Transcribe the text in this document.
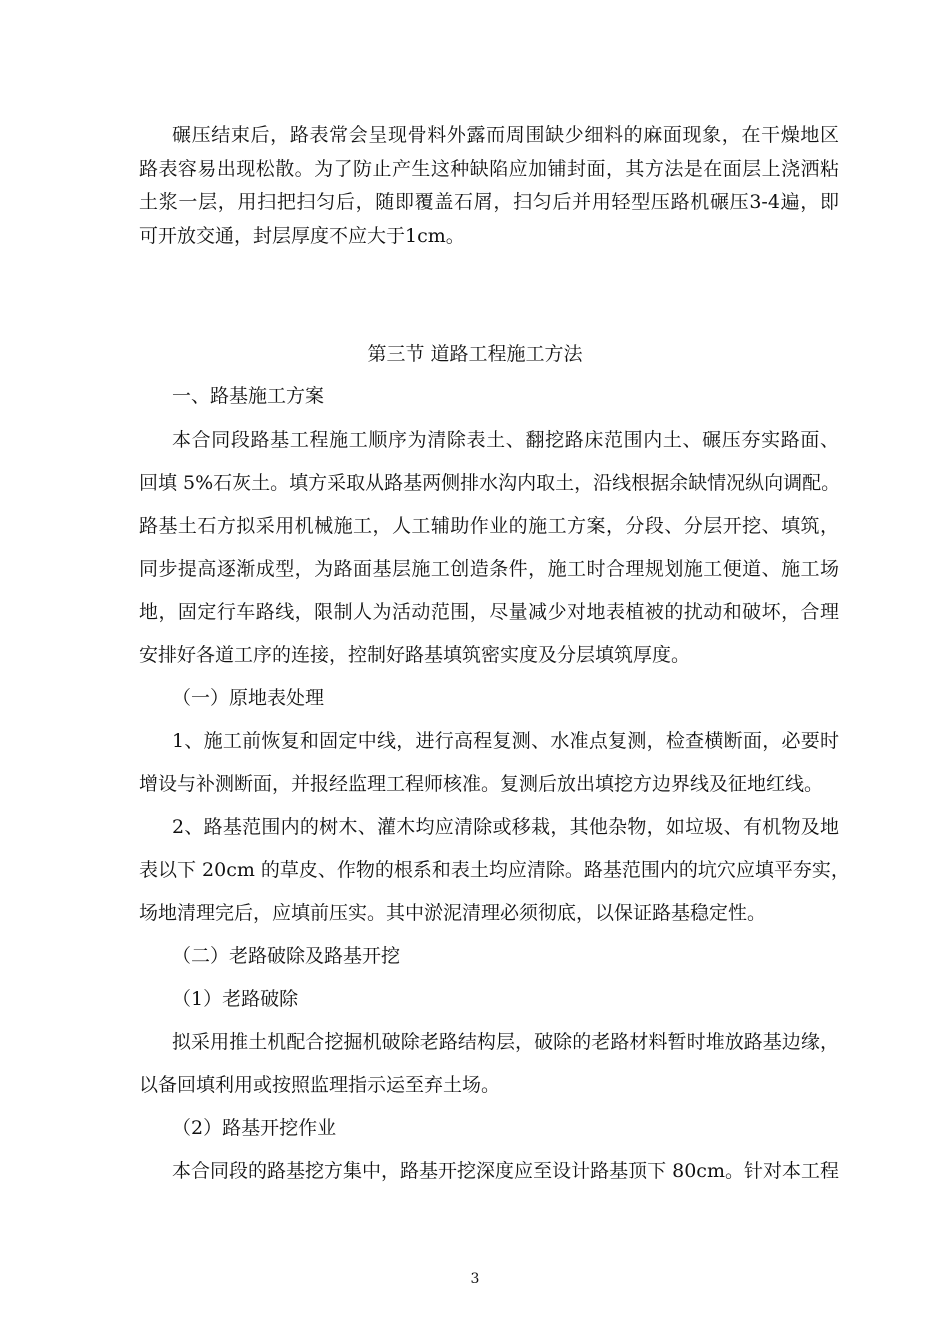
碾压结束后，路表常会呈现骨料外露而周围缺少细料的麻面现象，在干燥地区
路表容易出现松散。为了防止产生这种缺陷应加铺封面，其方法是在面层上浇洒粘
土浆一层，用扫把扫匀后，随即覆盖石屑，扫匀后并用轻型压路机碾压3-4遍，即
可开放交通，封层厚度不应大于1cm。
第三节 道路工程施工方法
一、路基施工方案
本合同段路基工程施工顺序为清除表土、翻挖路床范围内土、碾压夯实路面、
回填 5%石灰土。填方采取从路基两侧排水沟内取土，沿线根据余缺情况纵向调配。
路基土石方拟采用机械施工，人工辅助作业的施工方案，分段、分层开挖、填筑，
同步提高逐渐成型，为路面基层施工创造条件，施工时合理规划施工便道、施工场
地，固定行车路线，限制人为活动范围，尽量减少对地表植被的扰动和破坏，合理
安排好各道工序的连接，控制好路基填筑密实度及分层填筑厚度。
（一）原地表处理
1、施工前恢复和固定中线，进行高程复测、水准点复测，检查横断面，必要时
增设与补测断面，并报经监理工程师核准。复测后放出填挖方边界线及征地红线。
2、路基范围内的树木、灌木均应清除或移栽，其他杂物，如垃圾、有机物及地
表以下 20cm 的草皮、作物的根系和表土均应清除。路基范围内的坑穴应填平夯实，
场地清理完后，应填前压实。其中淤泥清理必须彻底，以保证路基稳定性。
（二）老路破除及路基开挖
（1）老路破除
拟采用推土机配合挖掘机破除老路结构层，破除的老路材料暂时堆放路基边缘，
以备回填利用或按照监理指示运至弃土场。
（2）路基开挖作业
本合同段的路基挖方集中，路基开挖深度应至设计路基顶下 80cm。针对本工程
3
